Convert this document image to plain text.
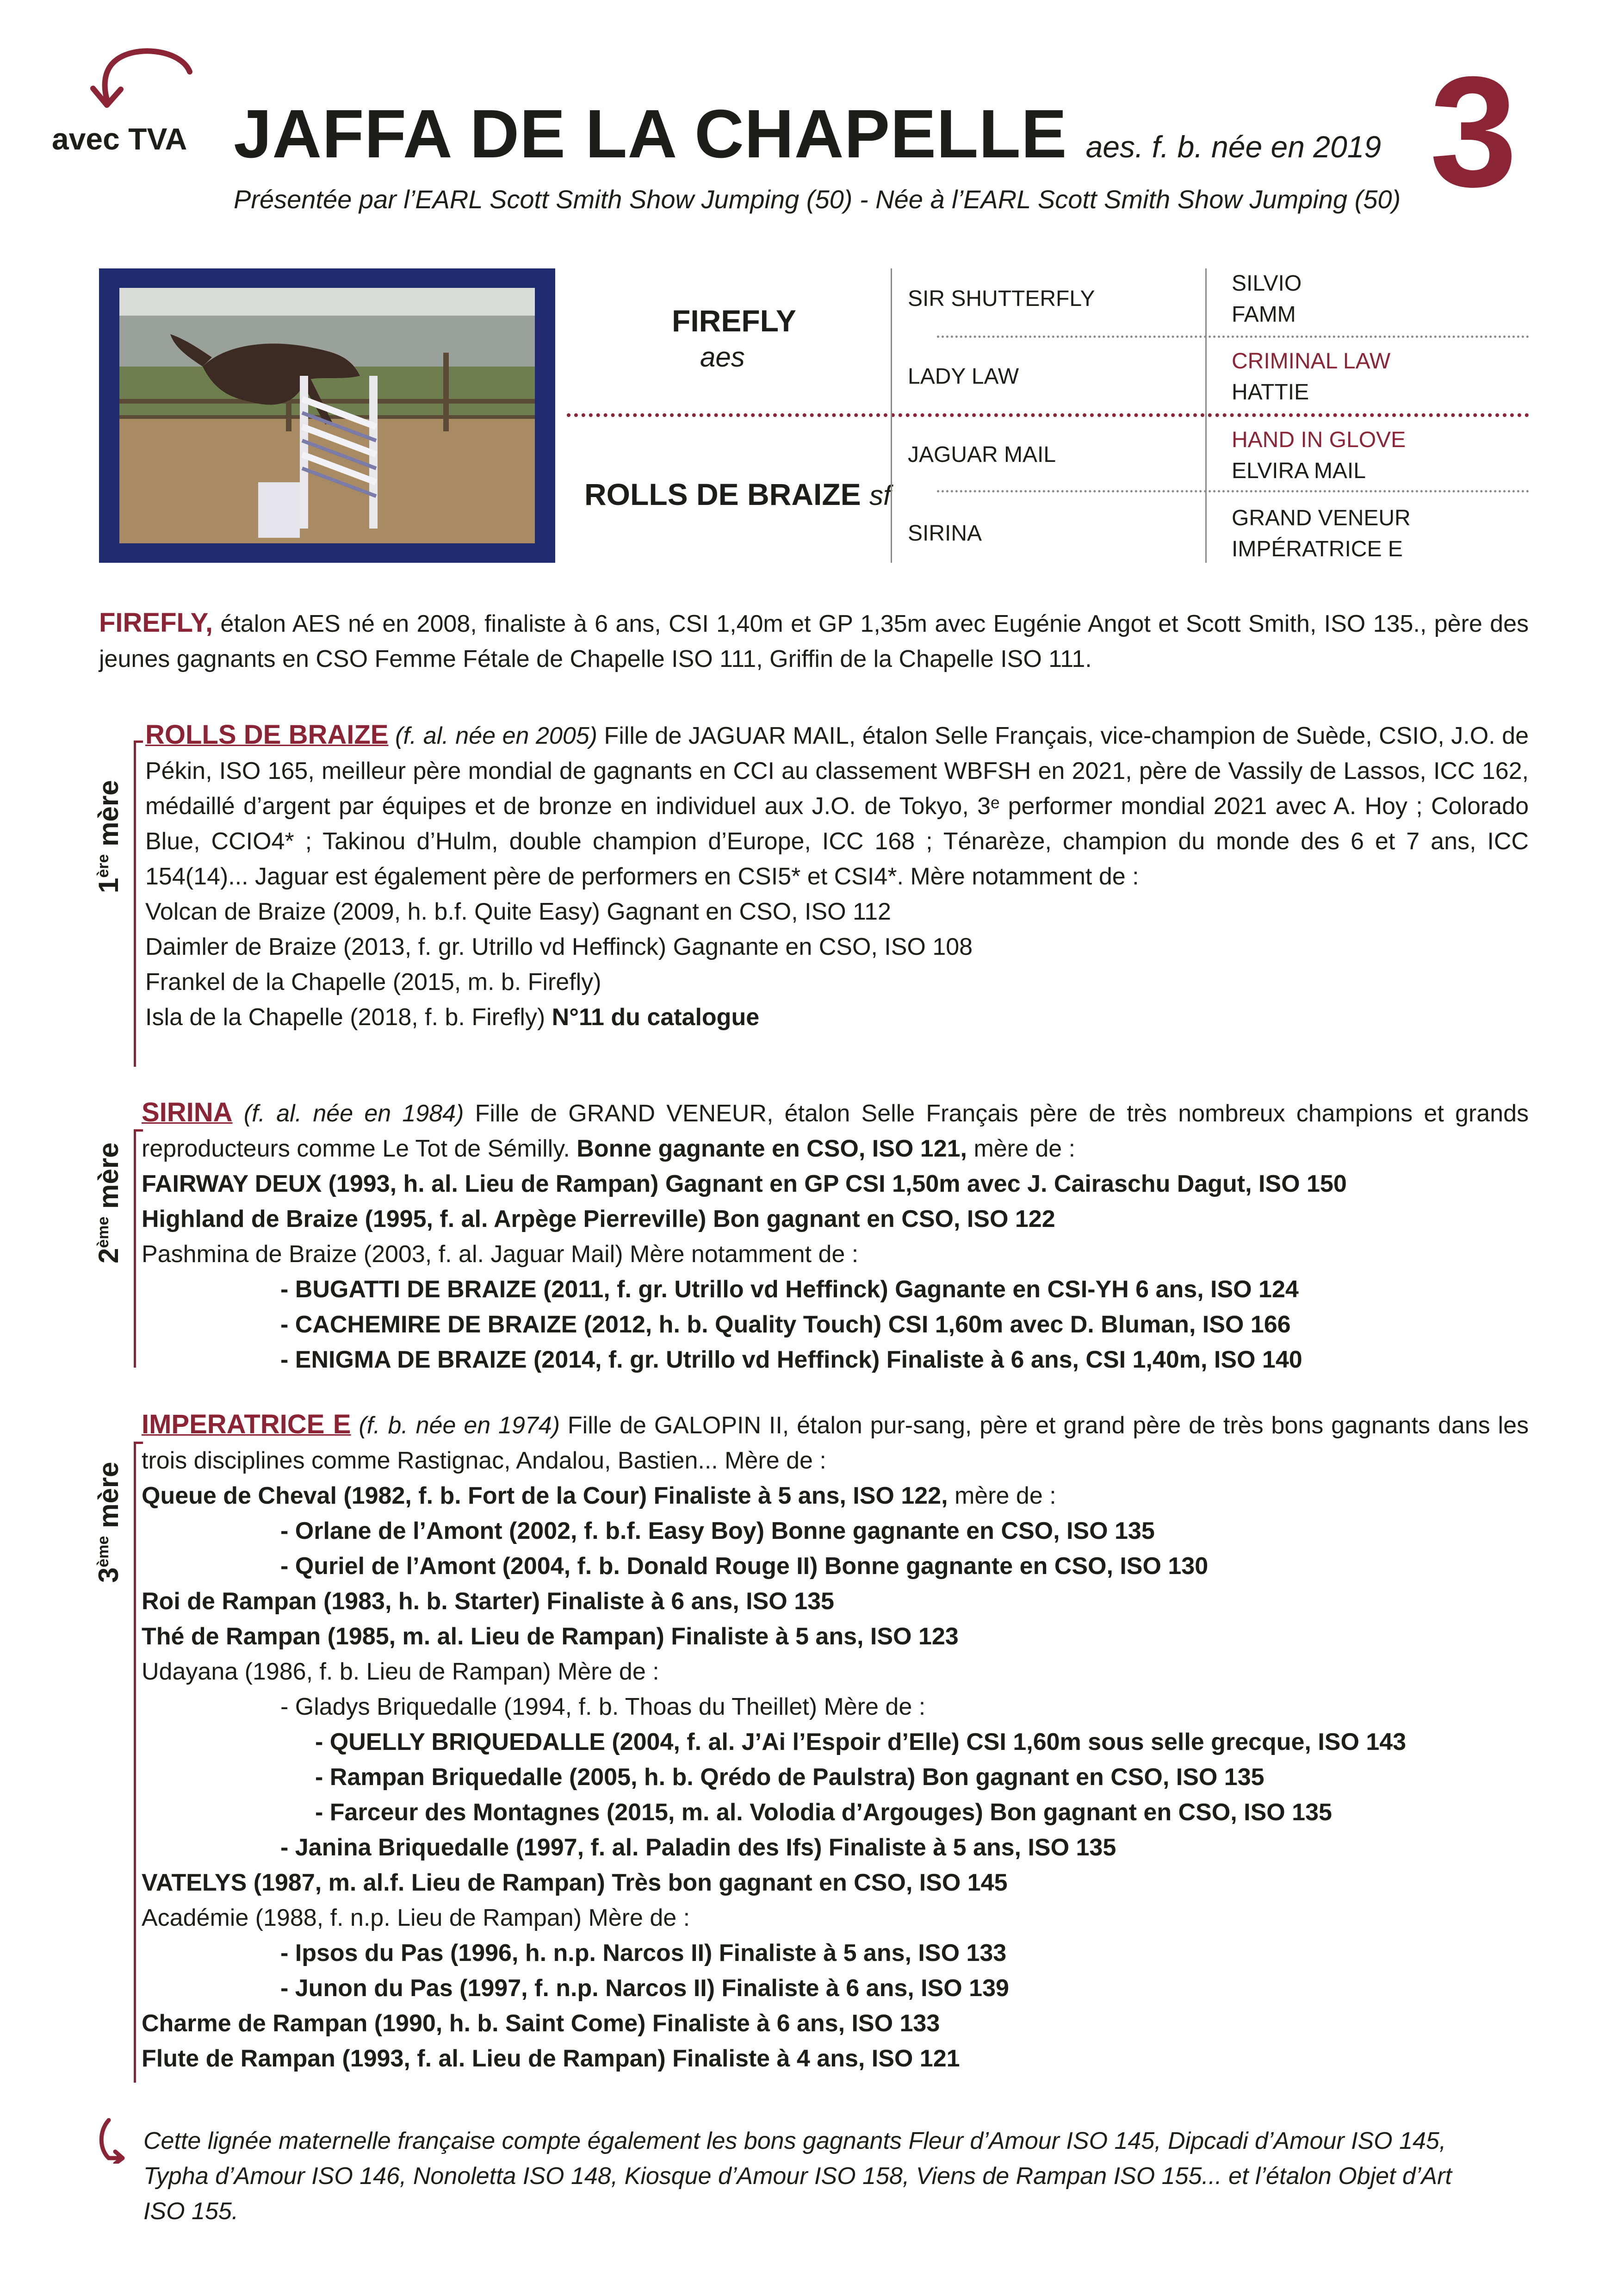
avec TVA JAFFA DE LA CHAPELLE aes. f. b. née en 2019 3
Présentée par l’EARL Scott Smith Show Jumping (50) - Née à l’EARL Scott Smith Show Jumping (50)
FIREFLY
aes
ROLLS DE BRAIZE sf
SIR SHUTTERFLY
LADY LAW
JAGUAR MAIL
SIRINA
SILVIO
FAMM
CRIMINAL LAW
HATTIE
HAND IN GLOVE
ELVIRA MAIL
GRAND VENEUR
IMPÉRATRICE E
FIREFLY, étalon AES né en 2008, finaliste à 6 ans, CSI 1,40m et GP 1,35m avec Eugénie Angot et Scott Smith, ISO 135., père des jeunes gagnants en CSO Femme Fétale de Chapelle ISO 111, Griffin de la Chapelle ISO 111.
1ère mère
ROLLS DE BRAIZE (f. al. née en 2005) Fille de JAGUAR MAIL, étalon Selle Français, vice-champion de Suède, CSIO, J.O. de Pékin, ISO 165, meilleur père mondial de gagnants en CCI au classement WBFSH en 2021, père de Vassily de Lassos, ICC 162, médaillé d’argent par équipes et de bronze en individuel aux J.O. de Tokyo, 3ᵉ performer mondial 2021 avec A. Hoy ; Colorado Blue, CCIO4* ; Takinou d’Hulm, double champion d’Europe, ICC 168 ; Ténarèze, champion du monde des 6 et 7 ans, ICC 154(14)... Jaguar est également père de performers en CSI5* et CSI4*. Mère notamment de :
Volcan de Braize (2009, h. b.f. Quite Easy) Gagnant en CSO, ISO 112
Daimler de Braize (2013, f. gr. Utrillo vd Heffinck) Gagnante en CSO, ISO 108
Frankel de la Chapelle (2015, m. b. Firefly)
Isla de la Chapelle (2018, f. b. Firefly) N°11 du catalogue
2ème mère
SIRINA (f. al. née en 1984) Fille de GRAND VENEUR, étalon Selle Français père de très nombreux champions et grands reproducteurs comme Le Tot de Sémilly. Bonne gagnante en CSO, ISO 121, mère de :
FAIRWAY DEUX (1993, h. al. Lieu de Rampan) Gagnant en GP CSI 1,50m avec J. Cairaschu Dagut, ISO 150
Highland de Braize (1995, f. al. Arpège Pierreville) Bon gagnant en CSO, ISO 122
Pashmina de Braize (2003, f. al. Jaguar Mail) Mère notamment de :
- BUGATTI DE BRAIZE (2011, f. gr. Utrillo vd Heffinck) Gagnante en CSI-YH 6 ans, ISO 124
- CACHEMIRE DE BRAIZE (2012, h. b. Quality Touch) CSI 1,60m avec D. Bluman, ISO 166
- ENIGMA DE BRAIZE (2014, f. gr. Utrillo vd Heffinck) Finaliste à 6 ans, CSI 1,40m, ISO 140
3ème mère
IMPERATRICE E (f. b. née en 1974) Fille de GALOPIN II, étalon pur-sang, père et grand père de très bons gagnants dans les trois disciplines comme Rastignac, Andalou, Bastien... Mère de :
Queue de Cheval (1982, f. b. Fort de la Cour) Finaliste à 5 ans, ISO 122, mère de :
- Orlane de l’Amont (2002, f. b.f. Easy Boy) Bonne gagnante en CSO, ISO 135
- Quriel de l’Amont (2004, f. b. Donald Rouge II) Bonne gagnante en CSO, ISO 130
Roi de Rampan (1983, h. b. Starter) Finaliste à 6 ans, ISO 135
Thé de Rampan (1985, m. al. Lieu de Rampan) Finaliste à 5 ans, ISO 123
Udayana (1986, f. b. Lieu de Rampan) Mère de :
- Gladys Briquedalle (1994, f. b. Thoas du Theillet) Mère de :
- QUELLY BRIQUEDALLE (2004, f. al. J’Ai l’Espoir d’Elle) CSI 1,60m sous selle grecque, ISO 143
- Rampan Briquedalle (2005, h. b. Qrédo de Paulstra) Bon gagnant en CSO, ISO 135
- Farceur des Montagnes (2015, m. al. Volodia d’Argouges) Bon gagnant en CSO, ISO 135
- Janina Briquedalle (1997, f. al. Paladin des Ifs) Finaliste à 5 ans, ISO 135
VATELYS (1987, m. al.f. Lieu de Rampan) Très bon gagnant en CSO, ISO 145
Académie (1988, f. n.p. Lieu de Rampan) Mère de :
- Ipsos du Pas (1996, h. n.p. Narcos II) Finaliste à 5 ans, ISO 133
- Junon du Pas (1997, f. n.p. Narcos II) Finaliste à 6 ans, ISO 139
Charme de Rampan (1990, h. b. Saint Come) Finaliste à 6 ans, ISO 133
Flute de Rampan (1993, f. al. Lieu de Rampan) Finaliste à 4 ans, ISO 121
Cette lignée maternelle française compte également les bons gagnants Fleur d’Amour ISO 145, Dipcadi d’Amour ISO 145, Typha d’Amour ISO 146, Nonoletta ISO 148, Kiosque d’Amour ISO 158, Viens de Rampan ISO 155... et l’étalon Objet d’Art ISO 155.
